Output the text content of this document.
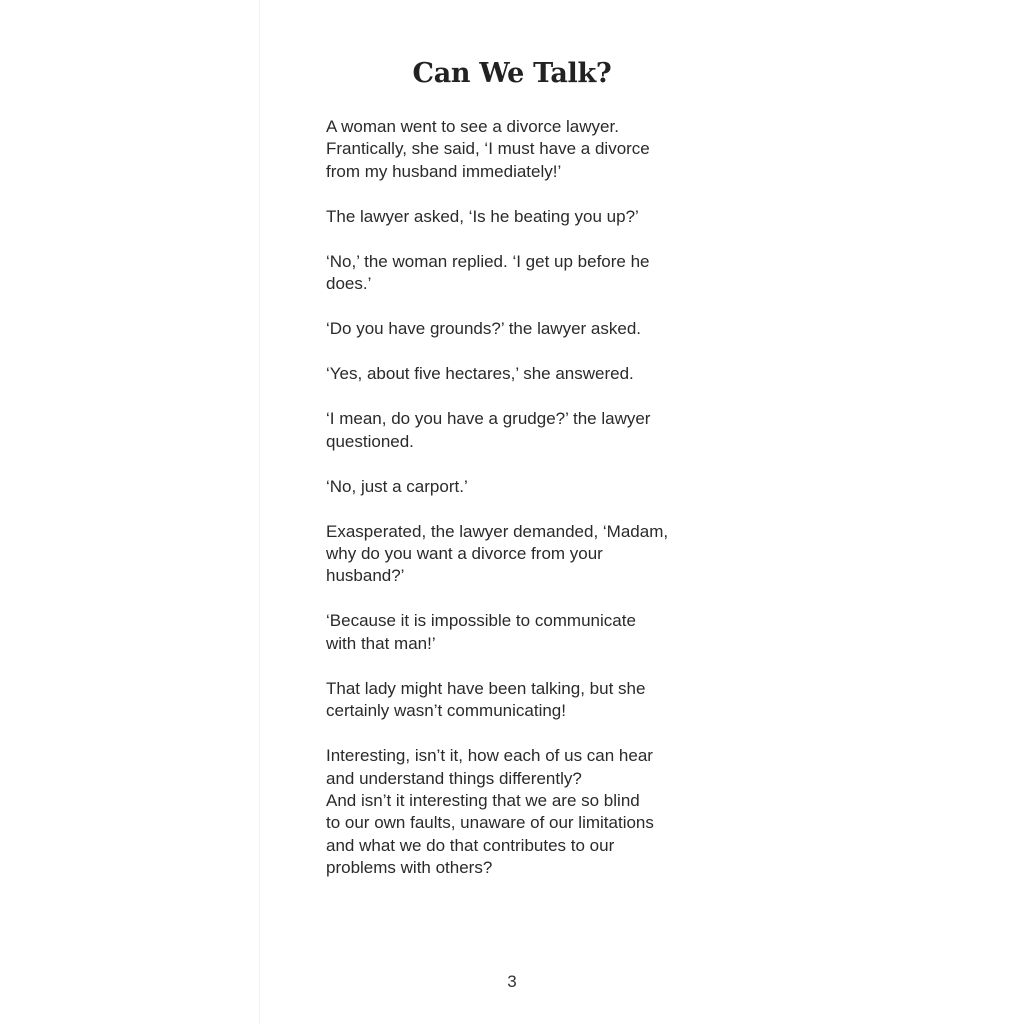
Can We Talk?

A woman went to see a divorce lawyer.
Frantically, she said, ‘I must have a divorce
from my husband immediately!’

The lawyer asked, ‘Is he beating you up?’

‘No,’ the woman replied. ‘I get up before he
does.’

‘Do you have grounds?’ the lawyer asked.

‘Yes, about five hectares,’ she answered.

‘I mean, do you have a grudge?’ the lawyer
questioned.

‘No, just a carport.’

Exasperated, the lawyer demanded, ‘Madam,
why do you want a divorce from your
husband?’

‘Because it is impossible to communicate
with that man!’

That lady might have been talking, but she
certainly wasn’t communicating!

Interesting, isn’t it, how each of us can hear
and understand things differently?
And isn’t it interesting that we are so blind
to our own faults, unaware of our limitations
and what we do that contributes to our
problems with others?

3
